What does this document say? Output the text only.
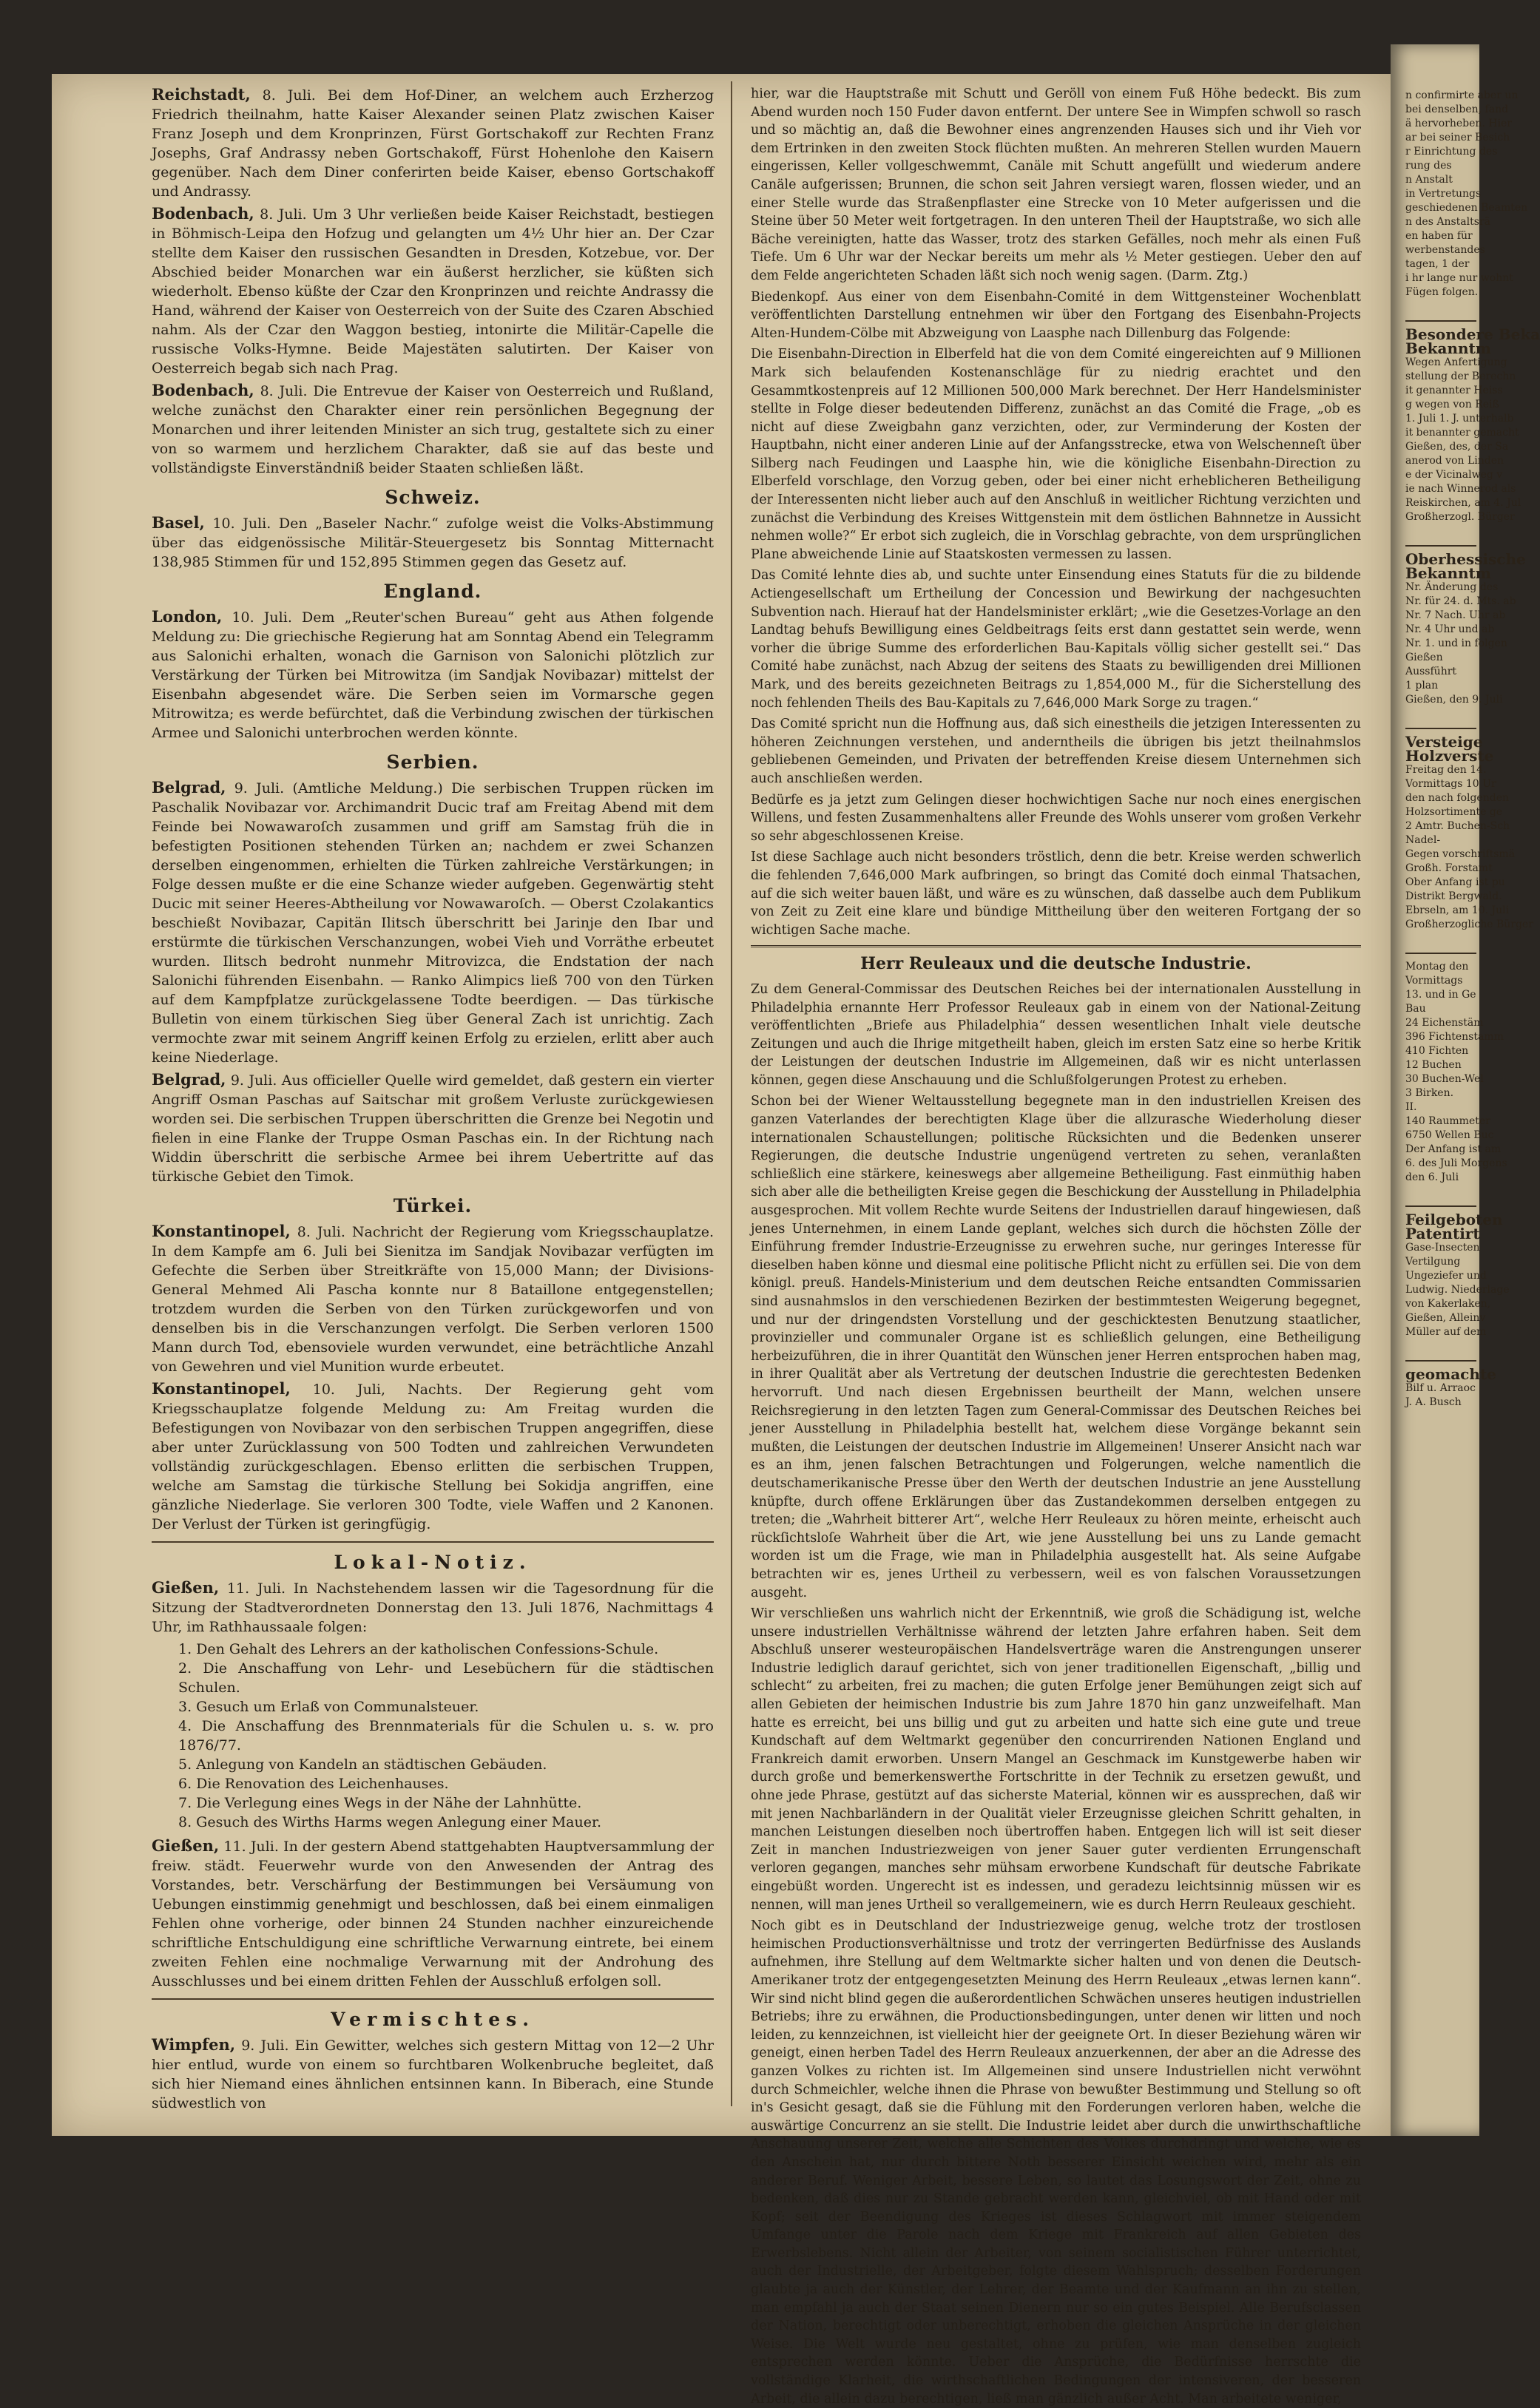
Reichstadt, 8. Juli. Bei dem Hof-Diner, an welchem auch Erzherzog Friedrich theilnahm, hatte Kaiser Alexander seinen Platz zwischen Kaiser Franz Joseph und dem Kronprinzen, Fürst Gortschakoff zur Rechten Franz Josephs, Graf Andrassy neben Gortschakoff, Fürst Hohenlohe den Kaisern gegenüber. Nach dem Diner conferirten beide Kaiser, ebenso Gortschakoff und Andrassy.

Bodenbach, 8. Juli. Um 3 Uhr verließen beide Kaiser Reichstadt, bestiegen in Böhmisch-Leipa den Hofzug und gelangten um 4½ Uhr hier an. Der Czar stellte dem Kaiser den russischen Gesandten in Dresden, Kotzebue, vor. Der Abschied beider Monarchen war ein äußerst herzlicher, sie küßten sich wiederholt. Ebenso küßte der Czar den Kronprinzen und reichte Andrassy die Hand, während der Kaiser von Oesterreich von der Suite des Czaren Abschied nahm. Als der Czar den Waggon bestieg, intonirte die Militär-Capelle die russische Volks-Hymne. Beide Majestäten salutirten. Der Kaiser von Oesterreich begab sich nach Prag.

Bodenbach, 8. Juli. Die Entrevue der Kaiser von Oesterreich und Rußland, welche zunächst den Charakter einer rein persönlichen Begegnung der Monarchen und ihrer leitenden Minister an sich trug, gestaltete sich zu einer von so warmem und herzlichem Charakter, daß sie auf das beste und vollständigste Einverständniß beider Staaten schließen läßt.

Schweiz.

Basel, 10. Juli. Den „Baseler Nachr.“ zufolge weist die Volks-Abstimmung über das eidgenössische Militär-Steuergesetz bis Sonntag Mitternacht 138,985 Stimmen für und 152,895 Stimmen gegen das Gesetz auf.

England.

London, 10. Juli. Dem „Reuter'schen Bureau“ geht aus Athen folgende Meldung zu: Die griechische Regierung hat am Sonntag Abend ein Telegramm aus Salonichi erhalten, wonach die Garnison von Salonichi plötzlich zur Verstärkung der Türken bei Mitrowitza (im Sandjak Novibazar) mittelst der Eisenbahn abgesendet wäre. Die Serben seien im Vormarsche gegen Mitrowitza; es werde befürchtet, daß die Verbindung zwischen der türkischen Armee und Salonichi unterbrochen werden könnte.

Serbien.

Belgrad, 9. Juli. (Amtliche Meldung.) Die serbischen Truppen rücken im Paschalik Novibazar vor. Archimandrit Ducic traf am Freitag Abend mit dem Feinde bei Nowawaroſch zusammen und griff am Samstag früh die in befestigten Positionen stehenden Türken an; nachdem er zwei Schanzen derselben eingenommen, erhielten die Türken zahlreiche Verstärkungen; in Folge dessen mußte er die eine Schanze wieder aufgeben. Gegenwärtig steht Ducic mit seiner Heeres-Abtheilung vor Nowawaroſch. — Oberst Czolakantics beschießt Novibazar, Capitän Ilitsch überschritt bei Jarinje den Ibar und erstürmte die türkischen Verschanzungen, wobei Vieh und Vorräthe erbeutet wurden. Ilitsch bedroht nunmehr Mitrovizca, die Endstation der nach Salonichi führenden Eisenbahn. — Ranko Alimpics ließ 700 von den Türken auf dem Kampfplatze zurückgelassene Todte beerdigen. — Das türkische Bulletin von einem türkischen Sieg über General Zach ist unrichtig. Zach vermochte zwar mit seinem Angriff keinen Erfolg zu erzielen, erlitt aber auch keine Niederlage.

Belgrad, 9. Juli. Aus officieller Quelle wird gemeldet, daß gestern ein vierter Angriff Osman Paschas auf Saitschar mit großem Verluste zurückgewiesen worden sei. Die serbischen Truppen überschritten die Grenze bei Negotin und fielen in eine Flanke der Truppe Osman Paschas ein. In der Richtung nach Widdin überschritt die serbische Armee bei ihrem Uebertritte auf das türkische Gebiet den Timok.

Türkei.

Konstantinopel, 8. Juli. Nachricht der Regierung vom Kriegsschauplatze. In dem Kampfe am 6. Juli bei Sienitza im Sandjak Novibazar verfügten im Gefechte die Serben über Streitkräfte von 15,000 Mann; der Divisions-General Mehmed Ali Pascha konnte nur 8 Bataillone entgegenstellen; trotzdem wurden die Serben von den Türken zurückgeworfen und von denselben bis in die Verschanzungen verfolgt. Die Serben verloren 1500 Mann durch Tod, ebensoviele wurden verwundet, eine beträchtliche Anzahl von Gewehren und viel Munition wurde erbeutet.

Konstantinopel, 10. Juli, Nachts. Der Regierung geht vom Kriegsschauplatze folgende Meldung zu: Am Freitag wurden die Befestigungen von Novibazar von den serbischen Truppen angegriffen, diese aber unter Zurücklassung von 500 Todten und zahlreichen Verwundeten vollständig zurückgeschlagen. Ebenso erlitten die serbischen Truppen, welche am Samstag die türkische Stellung bei Sokidja angriffen, eine gänzliche Niederlage. Sie verloren 300 Todte, viele Waffen und 2 Kanonen. Der Verlust der Türken ist geringfügig.

Lokal-Notiz.

Gießen, 11. Juli. In Nachstehendem lassen wir die Tagesordnung für die Sitzung der Stadtverordneten Donnerstag den 13. Juli 1876, Nachmittags 4 Uhr, im Rathhaussaale folgen:

1. Den Gehalt des Lehrers an der katholischen Confessions-Schule.
2. Die Anschaffung von Lehr- und Lesebüchern für die städtischen Schulen.
3. Gesuch um Erlaß von Communalsteuer.
4. Die Anschaffung des Brennmaterials für die Schulen u. s. w. pro 1876/77.
5. Anlegung von Kandeln an städtischen Gebäuden.
6. Die Renovation des Leichenhauses.
7. Die Verlegung eines Wegs in der Nähe der Lahnhütte.
8. Gesuch des Wirths Harms wegen Anlegung einer Mauer.

Gießen, 11. Juli. In der gestern Abend stattgehabten Hauptversammlung der freiw. städt. Feuerwehr wurde von den Anwesenden der Antrag des Vorstandes, betr. Verschärfung der Bestimmungen bei Versäumung von Uebungen einstimmig genehmigt und beschlossen, daß bei einem einmaligen Fehlen ohne vorherige, oder binnen 24 Stunden nachher einzureichende schriftliche Entschuldigung eine schriftliche Verwarnung eintrete, bei einem zweiten Fehlen eine nochmalige Verwarnung mit der Androhung des Ausschlusses und bei einem dritten Fehlen der Ausschluß erfolgen soll.

Vermischtes.

Wimpfen, 9. Juli. Ein Gewitter, welches sich gestern Mittag von 12—2 Uhr hier entlud, wurde von einem so furchtbaren Wolkenbruche begleitet, daß sich hier Niemand eines ähnlichen entsinnen kann. In Biberach, eine Stunde südwestlich von

hier, war die Hauptstraße mit Schutt und Geröll von einem Fuß Höhe bedeckt. Bis zum Abend wurden noch 150 Fuder davon entfernt. Der untere See in Wimpfen schwoll so rasch und so mächtig an, daß die Bewohner eines angrenzenden Hauses sich und ihr Vieh vor dem Ertrinken in den zweiten Stock flüchten mußten. An mehreren Stellen wurden Mauern eingerissen, Keller vollgeschwemmt, Canäle mit Schutt angefüllt und wiederum andere Canäle aufgerissen; Brunnen, die schon seit Jahren versiegt waren, flossen wieder, und an einer Stelle wurde das Straßenpflaster eine Strecke von 10 Meter aufgerissen und die Steine über 50 Meter weit fortgetragen. In den unteren Theil der Hauptstraße, wo sich alle Bäche vereinigten, hatte das Wasser, trotz des starken Gefälles, noch mehr als einen Fuß Tiefe. Um 6 Uhr war der Neckar bereits um mehr als ½ Meter gestiegen. Ueber den auf dem Felde angerichteten Schaden läßt sich noch wenig sagen. (Darm. Ztg.)

Biedenkopf. Aus einer von dem Eisenbahn-Comité in dem Wittgensteiner Wochenblatt veröffentlichten Darstellung entnehmen wir über den Fortgang des Eisenbahn-Projects Alten-Hundem-Cölbe mit Abzweigung von Laasphe nach Dillenburg das Folgende:

Die Eisenbahn-Direction in Elberfeld hat die von dem Comité eingereichten auf 9 Millionen Mark sich belaufenden Kostenanschläge für zu niedrig erachtet und den Gesammtkostenpreis auf 12 Millionen 500,000 Mark berechnet. Der Herr Handelsminister stellte in Folge dieser bedeutenden Differenz, zunächst an das Comité die Frage, „ob es nicht auf diese Zweigbahn ganz verzichten, oder, zur Verminderung der Kosten der Hauptbahn, nicht einer anderen Linie auf der Anfangsstrecke, etwa von Welschenneſt über Silberg nach Feudingen und Laasphe hin, wie die königliche Eisenbahn-Direction zu Elberfeld vorschlage, den Vorzug geben, oder bei einer nicht erheblicheren Betheiligung der Interessenten nicht lieber auch auf den Anschluß in weitlicher Richtung verzichten und zunächst die Verbindung des Kreises Wittgenstein mit dem östlichen Bahnnetze in Aussicht nehmen wolle?“ Er erbot sich zugleich, die in Vorschlag gebrachte, von dem ursprünglichen Plane abweichende Linie auf Staatskosten vermessen zu lassen.

Das Comité lehnte dies ab, und suchte unter Einsendung eines Statuts für die zu bildende Actiengesellschaft um Ertheilung der Concession und Bewirkung der nachgesuchten Subvention nach. Hierauf hat der Handelsminister erklärt; „wie die Gesetzes-Vorlage an den Landtag behufs Bewilligung eines Geldbeitrags ſeits erst dann gestattet sein werde, wenn vorher die übrige Summe des erforderlichen Bau-Kapitals völlig sicher gestellt sei.“ Das Comité habe zunächst, nach Abzug der seitens des Staats zu bewilligenden drei Millionen Mark, und des bereits gezeichneten Beitrags zu 1,854,000 M., für die Sicherstellung des noch fehlenden Theils des Bau-Kapitals zu 7,646,000 Mark Sorge zu tragen.“

Das Comité spricht nun die Hoffnung aus, daß sich einestheils die jetzigen Interessenten zu höheren Zeichnungen verstehen, und anderntheils die übrigen bis jetzt theilnahmslos gebliebenen Gemeinden, und Privaten der betreffenden Kreise diesem Unternehmen sich auch anschließen werden.

Bedürfe es ja jetzt zum Gelingen dieser hochwichtigen Sache nur noch eines energischen Willens, und festen Zusammenhaltens aller Freunde des Wohls unserer vom großen Verkehr so sehr abgeschlossenen Kreise.

Ist diese Sachlage auch nicht besonders tröstlich, denn die betr. Kreise werden schwerlich die fehlenden 7,646,000 Mark aufbringen, so bringt das Comité doch einmal Thatsachen, auf die sich weiter bauen läßt, und wäre es zu wünschen, daß dasselbe auch dem Publikum von Zeit zu Zeit eine klare und bündige Mittheilung über den weiteren Fortgang der so wichtigen Sache mache.

Herr Reuleaux und die deutsche Industrie.

Zu dem General-Commissar des Deutschen Reiches bei der internationalen Ausstellung in Philadelphia ernannte Herr Professor Reuleaux gab in einem von der National-Zeitung veröffentlichten „Briefe aus Philadelphia“ dessen wesentlichen Inhalt viele deutsche Zeitungen und auch die Ihrige mitgetheilt haben, gleich im ersten Satz eine so herbe Kritik der Leistungen der deutschen Industrie im Allgemeinen, daß wir es nicht unterlassen können, gegen diese Anschauung und die Schlußfolgerungen Protest zu erheben.

Schon bei der Wiener Weltausstellung begegnete man in den industriellen Kreisen des ganzen Vaterlandes der berechtigten Klage über die allzurasche Wiederholung dieser internationalen Schaustellungen; politische Rücksichten und die Bedenken unserer Regierungen, die deutsche Industrie ungenügend vertreten zu sehen, veranlaßten schließlich eine stärkere, keineswegs aber allgemeine Betheiligung. Fast einmüthig haben sich aber alle die betheiligten Kreise gegen die Beschickung der Ausstellung in Philadelphia ausgesprochen. Mit vollem Rechte wurde Seitens der Industriellen darauf hingewiesen, daß jenes Unternehmen, in einem Lande geplant, welches sich durch die höchsten Zölle der Einführung fremder Industrie-Erzeugnisse zu erwehren suche, nur geringes Interesse für dieselben haben könne und diesmal eine politische Pflicht nicht zu erfüllen sei. Die von dem königl. preuß. Handels-Ministerium und dem deutschen Reiche entsandten Commissarien sind ausnahmslos in den verschiedenen Bezirken der bestimmtesten Weigerung begegnet, und nur der dringendsten Vorstellung und der geschicktesten Benutzung staatlicher, provinzieller und communaler Organe ist es schließlich gelungen, eine Betheiligung herbeizuführen, die in ihrer Quantität den Wünschen jener Herren entsprochen haben mag, in ihrer Qualität aber als Vertretung der deutschen Industrie die gerechtesten Bedenken hervorruft. Und nach diesen Ergebnissen beurtheilt der Mann, welchen unsere Reichsregierung in den letzten Tagen zum General-Commissar des Deutschen Reiches bei jener Ausstellung in Philadelphia bestellt hat, welchem diese Vorgänge bekannt sein mußten, die Leistungen der deutschen Industrie im Allgemeinen! Unserer Ansicht nach war es an ihm, jenen falschen Betrachtungen und Folgerungen, welche namentlich die deutschamerikanische Presse über den Werth der deutschen Industrie an jene Ausstellung knüpfte, durch offene Erklärungen über das Zustandekommen derselben entgegen zu treten; die „Wahrheit bitterer Art“, welche Herr Reuleaux zu hören meinte, erheischt auch rückſichtsloſe Wahrheit über die Art, wie jene Ausstellung bei uns zu Lande gemacht worden ist um die Frage, wie man in Philadelphia ausgestellt hat. Als seine Aufgabe betrachten wir es, jenes Urtheil zu verbessern, weil es von falschen Voraussetzungen ausgeht.

Wir verschließen uns wahrlich nicht der Erkenntniß, wie groß die Schädigung ist, welche unsere industriellen Verhältnisse während der letzten Jahre erfahren haben. Seit dem Abschluß unserer westeuropäischen Handelsverträge waren die Anstrengungen unserer Industrie lediglich darauf gerichtet, sich von jener traditionellen Eigenschaft, „billig und schlecht“ zu arbeiten, frei zu machen; die guten Erfolge jener Bemühungen zeigt sich auf allen Gebieten der heimischen Industrie bis zum Jahre 1870 hin ganz unzweifelhaft. Man hatte es erreicht, bei uns billig und gut zu arbeiten und hatte sich eine gute und treue Kundschaft auf dem Weltmarkt gegenüber den concurrirenden Nationen England und Frankreich damit erworben. Unsern Mangel an Geschmack im Kunstgewerbe haben wir durch große und bemerkenswerthe Fortschritte in der Technik zu ersetzen gewußt, und ohne jede Phrase, gestützt auf das sicherste Material, können wir es aussprechen, daß wir mit jenen Nachbarländern in der Qualität vieler Erzeugnisse gleichen Schritt gehalten, in manchen Leistungen dieselben noch übertroffen haben. Entgegen lich will ist seit dieser Zeit in manchen Industriezweigen von jener Sauer guter verdienten Errungenschaft verloren gegangen, manches sehr mühsam erworbene Kundschaft für deutsche Fabrikate eingebüßt worden. Ungerecht ist es indessen, und geradezu leichtsinnig müssen wir es nennen, will man jenes Urtheil so verallgemeinern, wie es durch Herrn Reuleaux geschieht.

Noch gibt es in Deutschland der Industriezweige genug, welche trotz der trostlosen heimischen Productionsverhältnisse und trotz der verringerten Bedürfnisse des Auslands aufnehmen, ihre Stellung auf dem Weltmarkte sicher halten und von denen die Deutsch-Amerikaner trotz der entgegengesetzten Meinung des Herrn Reuleaux „etwas lernen kann“. Wir sind nicht blind gegen die außerordentlichen Schwächen unseres heutigen industriellen Betriebs; ihre zu erwähnen, die Productionsbedingungen, unter denen wir litten und noch leiden, zu kennzeichnen, ist vielleicht hier der geeignete Ort. In dieser Beziehung wären wir geneigt, einen herben Tadel des Herrn Reuleaux anzuerkennen, der aber an die Adresse des ganzen Volkes zu richten ist. Im Allgemeinen sind unsere Industriellen nicht verwöhnt durch Schmeichler, welche ihnen die Phrase von bewußter Bestimmung und Stellung so oft in's Gesicht gesagt, daß sie die Fühlung mit den Forderungen verloren haben, welche die auswärtige Concurrenz an sie stellt. Die Industrie leidet aber durch die unwirthschaftliche Anschauung unserer Zeit, welche alle Schichten des Volkes durchdringt und welche, wie es den Anschein hat, nur durch bittere Noth besserer Einsicht weichen wird, mehr als ein anderer Beruf. Weniger Arbeit, bessere Leben, so lautet das Losungswort der Zeit, ohne zu bedenken, daß dies nur zu Stande gebracht werden kann, gleichviel, ob mit Hand oder mit Kopf; seit der Beendigung des Krieges ist dieses Schlagwort mit immer steigendem Umfange unter die Parole nach dem Kriege mit Frankreich auf allen Gebieten des Erwerbslebens. Nicht allein der Arbeiter, von seinem socialistischen Führer unterrichtet, auch der Industrielle, der Arbeitgeber, folgte diesem Wahlspruch; desselben Forderungen glaubte ja auch der Künstler, der Lehrer, der Beamte und der Kaufmann an ihn zu stellen, man empfahl ja auch der Staat seinen Dienern nur so ein gutes Beispiel. Alle Berufsclassen der Nation, berechtigt oder unberechtigt, erhoben die gleichen Ansprüche in der gleichen Weise. Die Welt wurde neu gestaltet, ohne zu prüfen, wie man denselben zugleich entsprechen werden könnte. Ueber die Ansprüche, die Bedürfnisse herrschte die vollständige Klarheit, die wirthschaftlichen Bedingungen der intensiveren, der besseren Arbeit, die allein dazu berechtigen, ließ man gänzlich außer Acht. Man arbeitete weniger,

n confirmirte aber un
bei denselben, fand
ä hervorheben. Hier
ar bei seiner Besich
r Einrichtung des
rung des
n Anstalt
in Vertretungs
geschiedenen Beamten
n des Anstaltsrä
en haben für
werbenstandes
tagen, 1 der
i hr lange nur wohnt
Fügen folgen.
Besondere Beka
Bekanntm
Wegen Anfertigung
stellung der Berechn
it genannter Heiss
g wegen von Reiß
1. Juli 1. J. unterhalb
it benannter gemacht
Gießen, des, der Sa
anerod von Linden
e der Vicinalweg v
ie nach Winnerod als
Reiskirchen, am 4. Jul
Großherzogl. Bürger
Oberhessische
Bekanntm
Nr. Änderung des
Nr. für 24. d. Mts. ab
Nr. 7 Nach. Uhr ab
Nr. 4 Uhr und ab
Nr. 1. und in folgen
Gießen
Aussführt
1 plan
Gießen, den 9. Juli
Versteige
Holzverste
Freitag den 14.
Vormittags 10 Ur
den nach folgenden
Holzsortimente ge
2 Amtr. Buchen-Sch
Nadel-
Gegen vorschriftsmä
Großh. Forstamt
Ober Anfang ist pu
Distrikt Bergwald.
Ebrseln, am 10. Juli
Großherzogliche Bürger
Montag den
Vormittags
13. und in Ge
Bau
24 Eichenstäm
396 Fichtenstamm
410 Fichten
12 Buchen
30 Buchen-Wel
3 Birken.
II.
140 Raummeter
6750 Wellen Buc
Der Anfang ist am
6. des Juli Morgens
den 6. Juli
Feilgeboten
Patentirt
Gase-Insecten
Vertilgung
Ungeziefer und
Ludwig. Niederlage
von Kakerlaken,
Gießen, Alleinv
Müller auf dem
geomachte
Bilf u. Arraoc
J. A. Busch
